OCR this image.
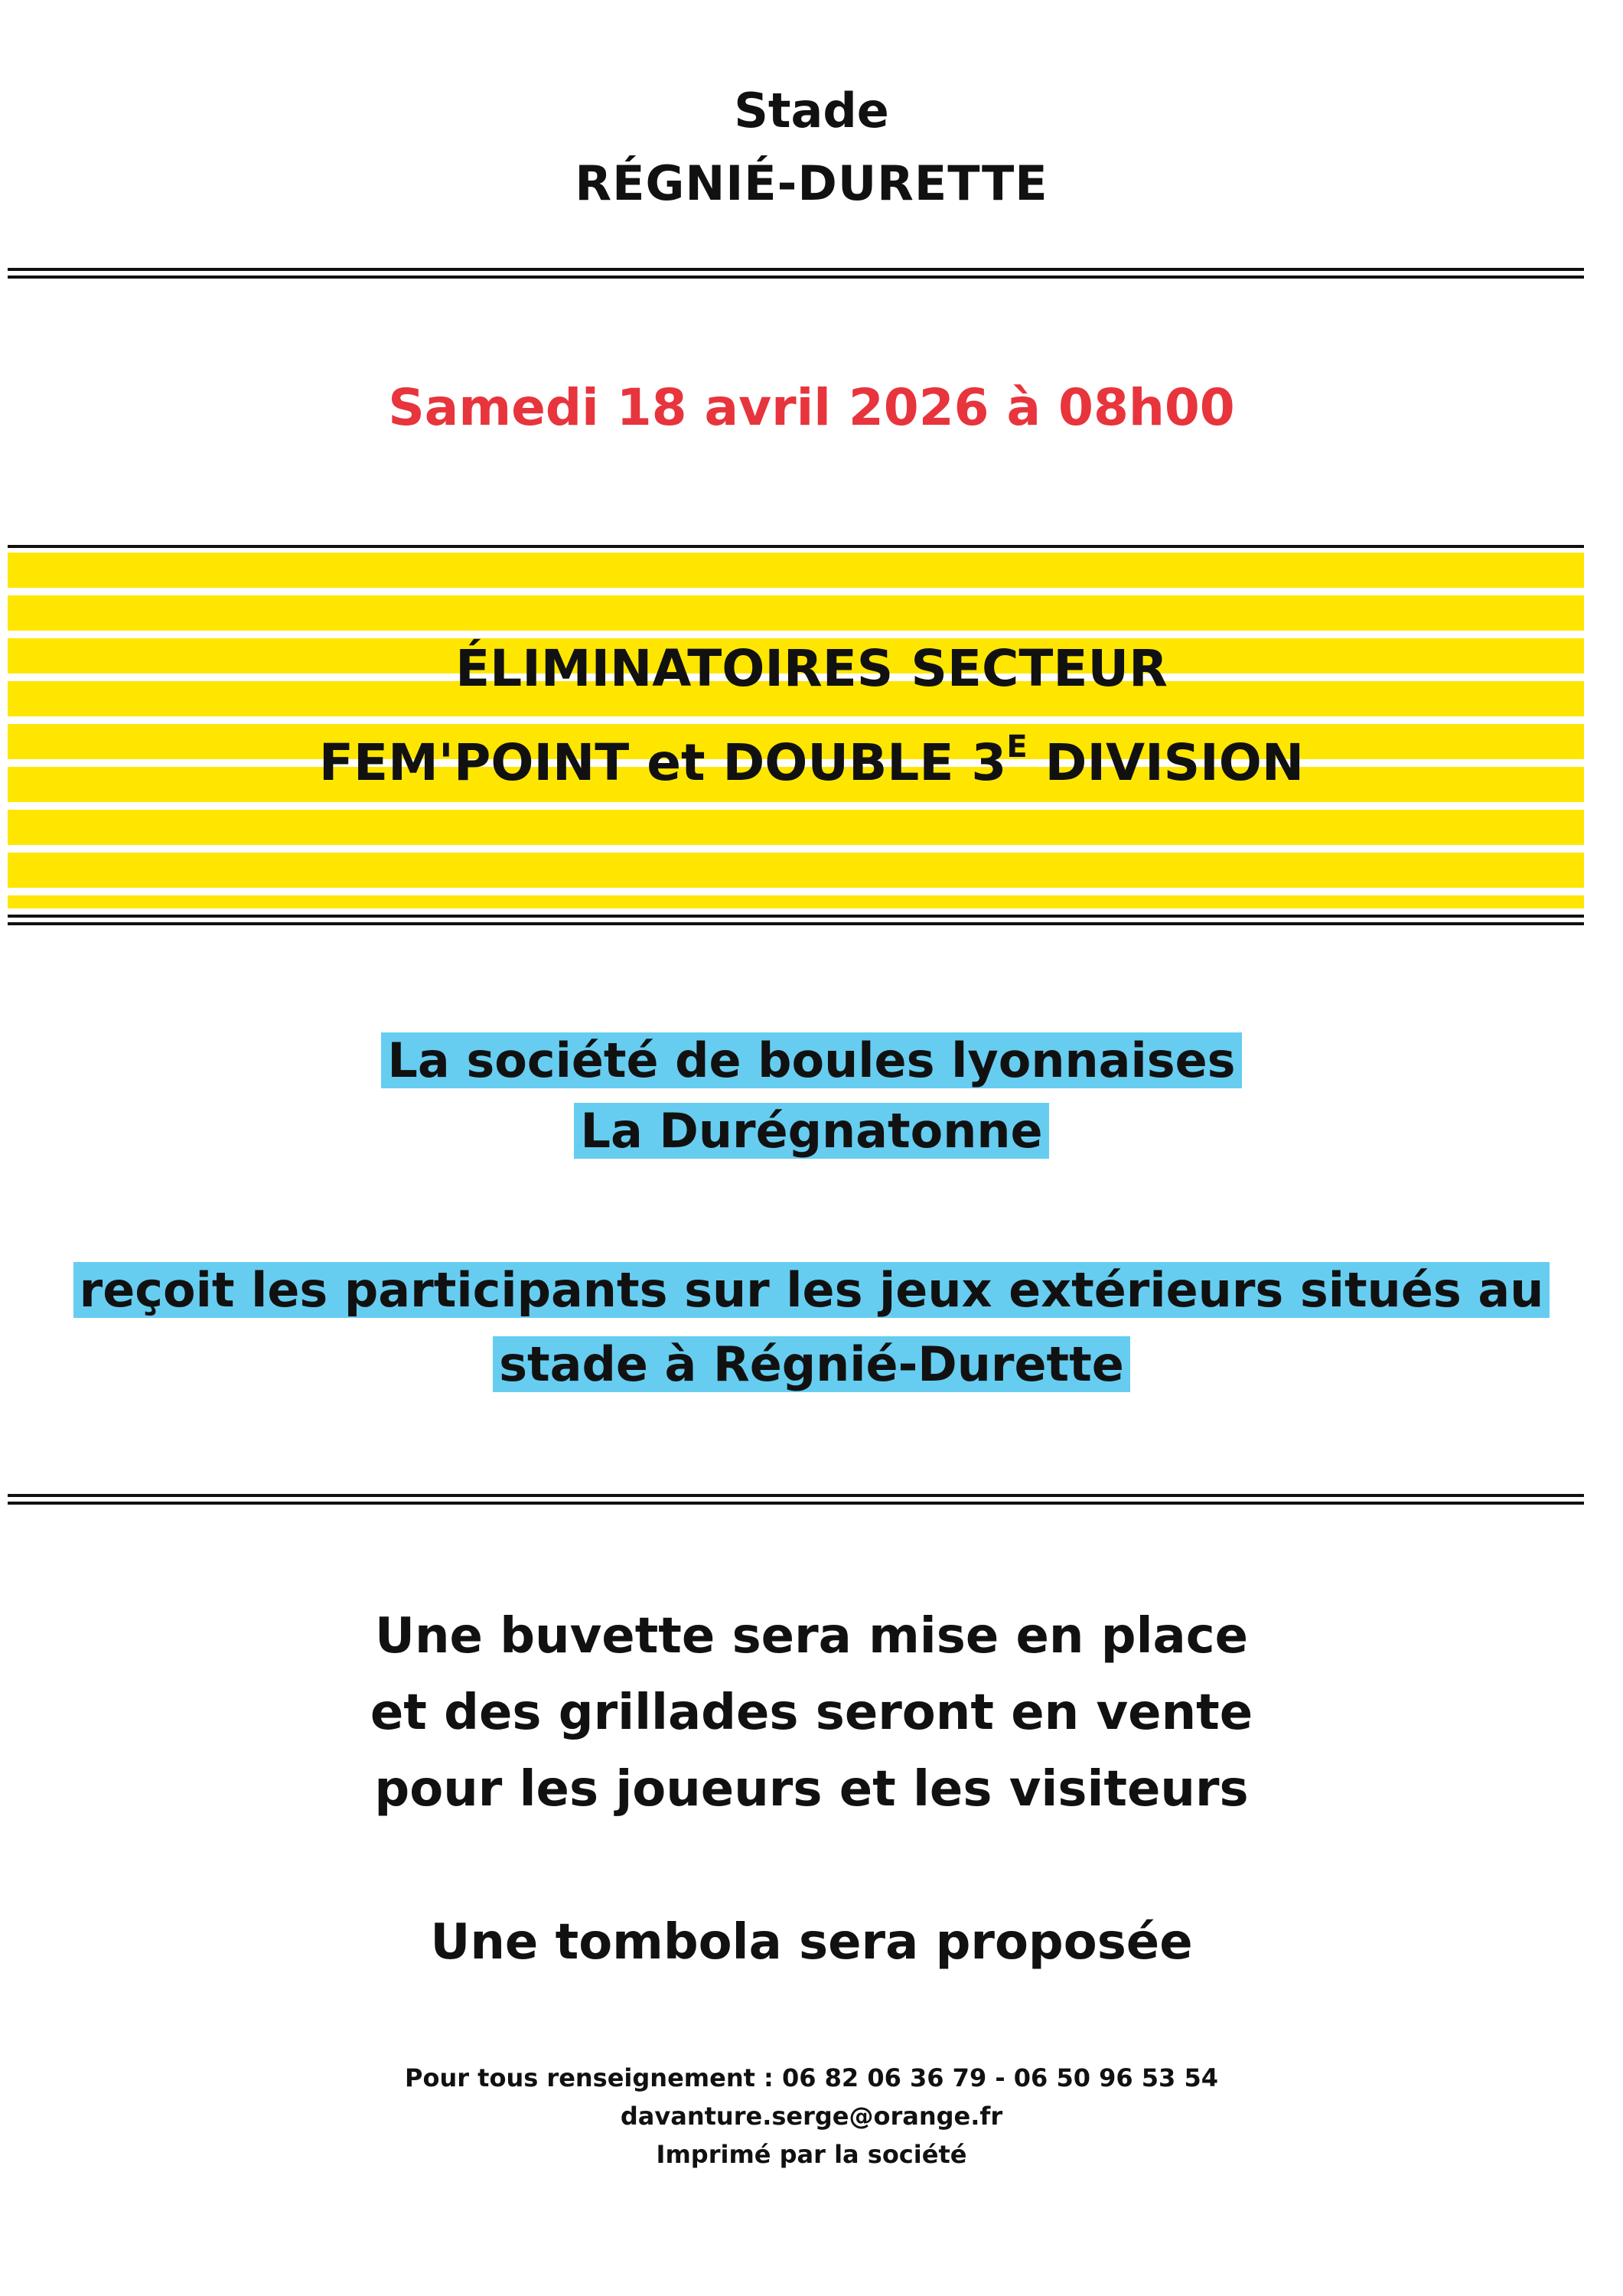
Stade
RÉGNIÉ-DURETTE
Samedi 18 avril 2026 à 08h00
ÉLIMINATOIRES SECTEUR
FEM'POINT et DOUBLE $3^E$ DIVISION
La société de boules lyonnaises
La Durégnatonne
reçoit les participants sur les jeux extérieurs situés au
stade à Régnié-Durette
Une buvette sera mise en place
et des grillades seront en vente
pour les joueurs et les visiteurs
Une tombola sera proposée
Pour tous renseignement : 06 82 06 36 79 - 06 50 96 53 54
davanture.serge@orange.fr
Imprimé par la société
